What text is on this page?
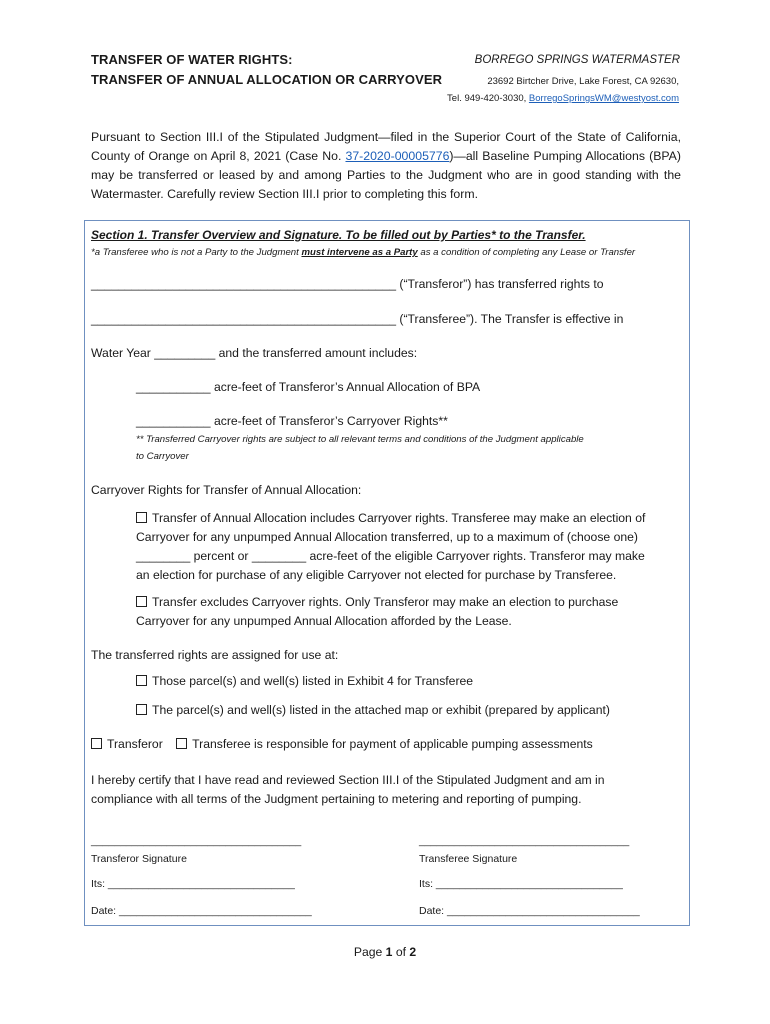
TRANSFER OF WATER RIGHTS:
TRANSFER OF ANNUAL ALLOCATION OR CARRYOVER
BORREGO SPRINGS WATERMASTER
23692 Birtcher Drive, Lake Forest, CA 92630,
Tel. 949-420-3030, BorregoSpringsWM@westyost.com
Pursuant to Section III.I of the Stipulated Judgment—filed in the Superior Court of the State of California, County of Orange on April 8, 2021 (Case No. 37-2020-00005776)—all Baseline Pumping Allocations (BPA) may be transferred or leased by and among Parties to the Judgment who are in good standing with the Watermaster. Carefully review Section III.I prior to completing this form.
Section 1. Transfer Overview and Signature. To be filled out by Parties* to the Transfer.
*a Transferee who is not a Party to the Judgment must intervene as a Party as a condition of completing any Lease or Transfer
_____________________________________________ (“Transferor”) has transferred rights to
_____________________________________________ (“Transferee”). The Transfer is effective in
Water Year _________ and the transferred amount includes:
___________ acre-feet of Transferor’s Annual Allocation of BPA
___________ acre-feet of Transferor’s Carryover Rights**
** Transferred Carryover rights are subject to all relevant terms and conditions of the Judgment applicable
to Carryover
Carryover Rights for Transfer of Annual Allocation:
Transfer of Annual Allocation includes Carryover rights. Transferee may make an election of
Carryover for any unpumped Annual Allocation transferred, up to a maximum of (choose one)
________ percent or ________ acre-feet of the eligible Carryover rights. Transferor may make
an election for purchase of any eligible Carryover not elected for purchase by Transferee.
Transfer excludes Carryover rights. Only Transferor may make an election to purchase
Carryover for any unpumped Annual Allocation afforded by the Lease.
The transferred rights are assigned for use at:
Those parcel(s) and well(s) listed in Exhibit 4 for Transferee
The parcel(s) and well(s) listed in the attached map or exhibit (prepared by applicant)
Transferor Transferee is responsible for payment of applicable pumping assessments
I hereby certify that I have read and reviewed Section III.I of the Stipulated Judgment and am in compliance with all terms of the Judgment pertaining to metering and reporting of pumping.
____________________________________	____________________________________
Transferor Signature	Transferee Signature
Its: ________________________________	Its: ________________________________
Date: _________________________________	Date: _________________________________
Page 1 of 2
